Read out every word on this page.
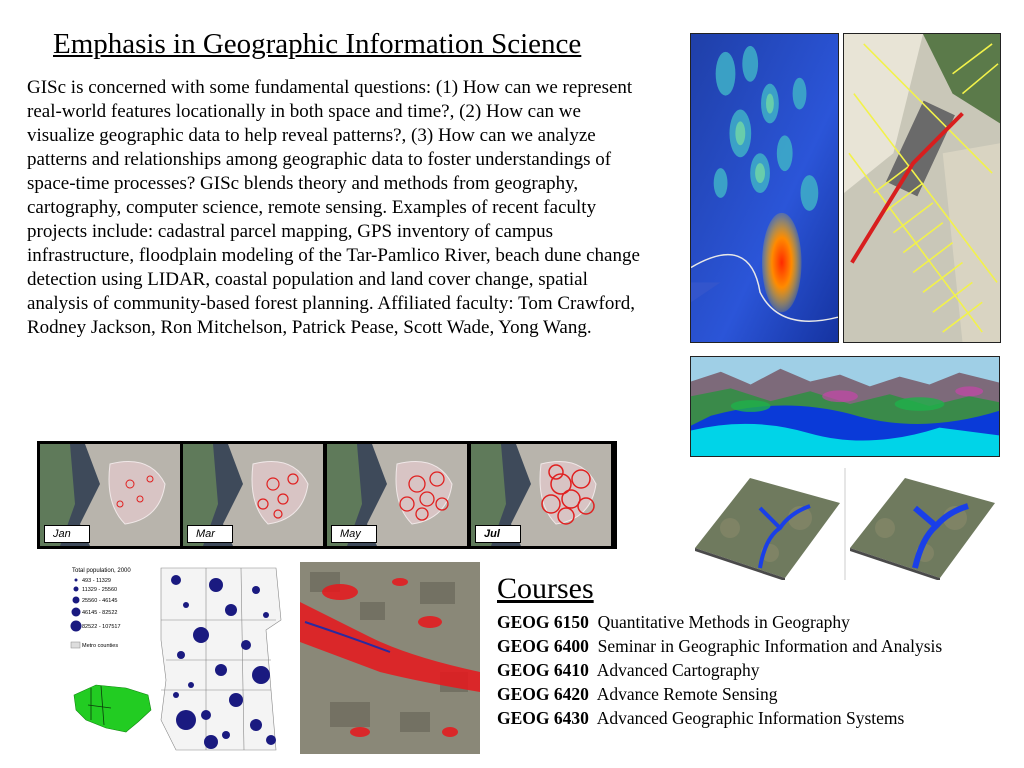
Emphasis in Geographic Information Science
GISc is concerned with some fundamental questions: (1) How can we represent real-world features locationally in both space and time?, (2) How can we visualize geographic data to help reveal patterns?, (3) How can we analyze patterns and relationships among geographic data to foster understandings of space-time processes? GISc blends theory and methods from geography, cartography, computer science, remote sensing. Examples of recent faculty projects include: cadastral parcel mapping, GPS inventory of campus infrastructure, floodplain modeling of the Tar-Pamlico River, beach dune change detection using LIDAR, coastal population and land cover change, spatial analysis of community-based forest planning. Affiliated faculty: Tom Crawford, Rodney Jackson, Ron Mitchelson, Patrick Pease, Scott Wade, Yong Wang.
Jan	Mar	May	Jul
Total population, 2000
493 - 11329
11329 - 25560
25560 - 46145
46145 - 82522
82522 - 107517
Metro counties
Courses
GEOG 6150 Quantitative Methods in Geography
GEOG 6400 Seminar in Geographic Information and Analysis
GEOG 6410 Advanced Cartography
GEOG 6420 Advance Remote Sensing
GEOG 6430 Advanced Geographic Information Systems
